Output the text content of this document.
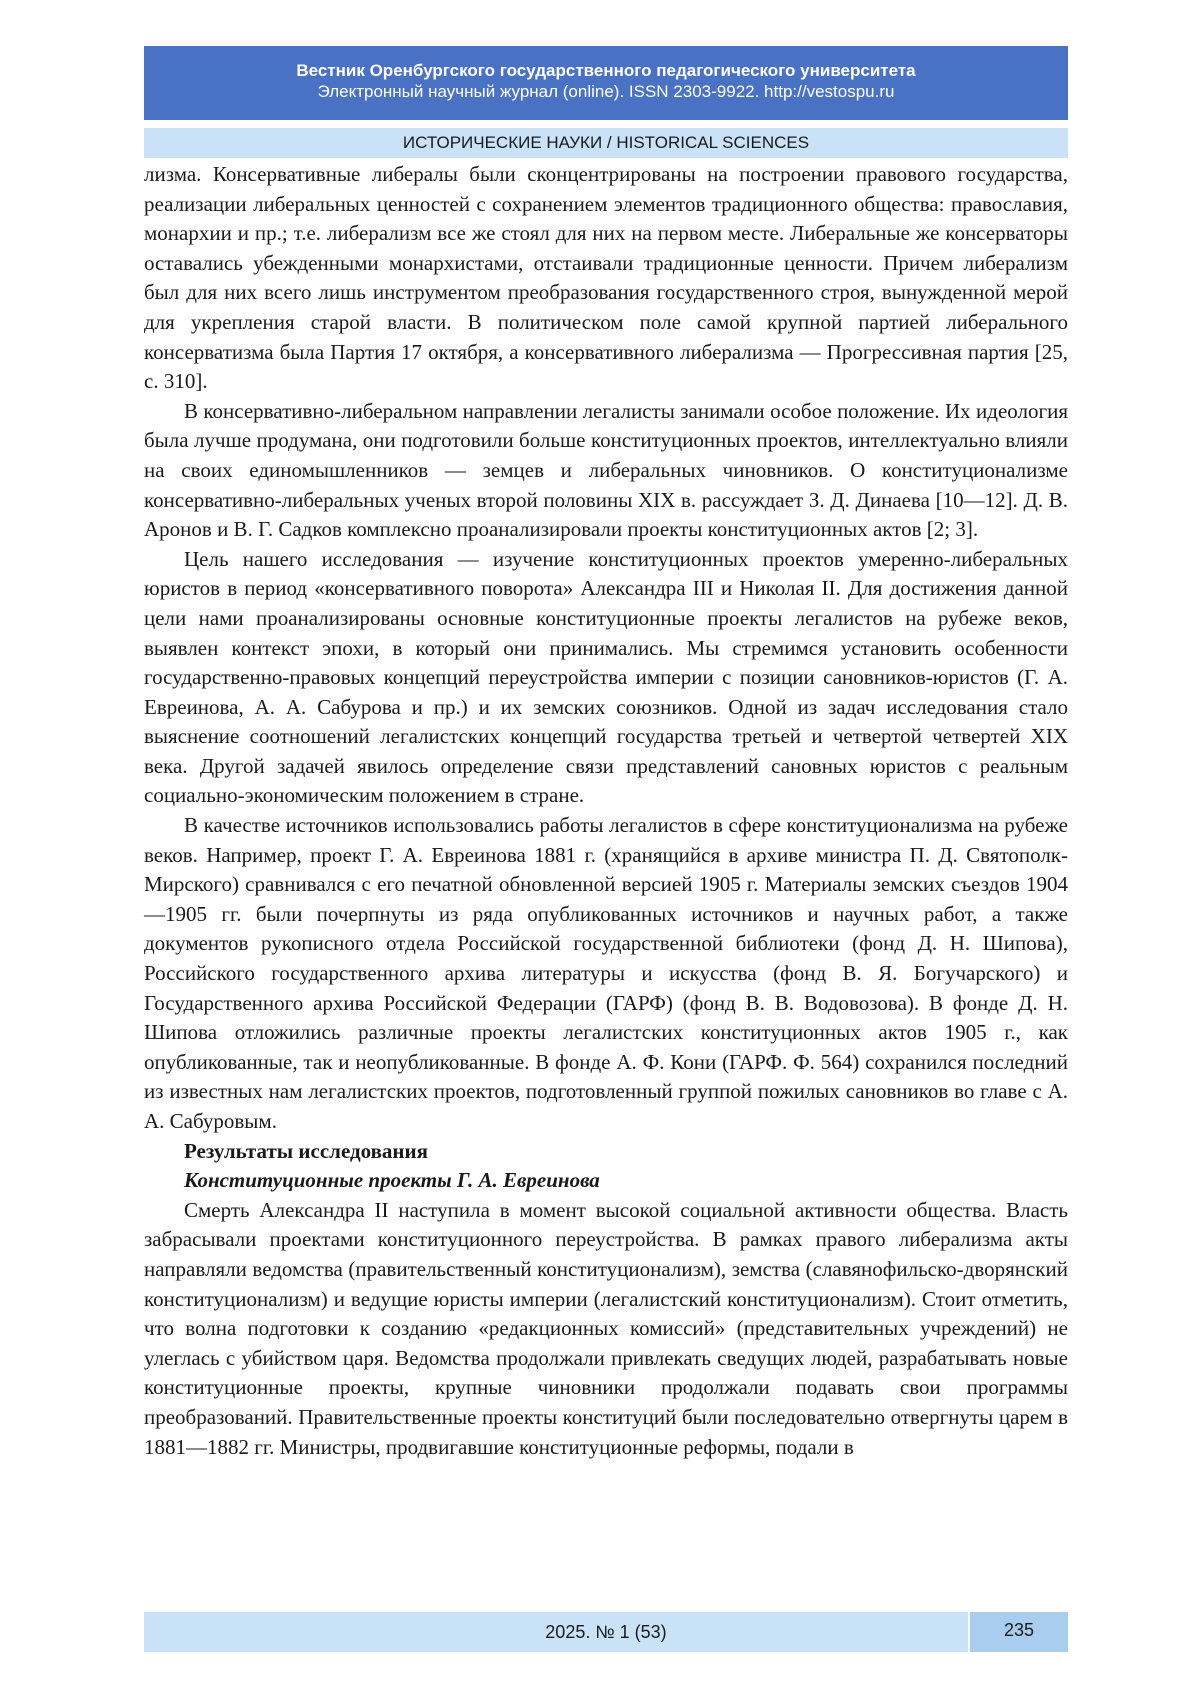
Вестник Оренбургского государственного педагогического университета
Электронный научный журнал (online). ISSN 2303-9922. http://vestospu.ru
ИСТОРИЧЕСКИЕ НАУКИ / HISTORICAL SCIENCES

лизма. Консервативные либералы были сконцентрированы на построении правового государства, реализации либеральных ценностей с сохранением элементов традиционного общества: православия, монархии и пр.; т.е. либерализм все же стоял для них на первом месте. Либеральные же консерваторы оставались убежденными монархистами, отстаивали традиционные ценности. Причем либерализм был для них всего лишь инструментом преобразования государственного строя, вынужденной мерой для укрепления старой власти. В политическом поле самой крупной партией либерального консерватизма была Партия 17 октября, а консервативного либерализма — Прогрессивная партия [25, с. 310].

В консервативно-либеральном направлении легалисты занимали особое положение. Их идеология была лучше продумана, они подготовили больше конституционных проектов, интеллектуально влияли на своих единомышленников — земцев и либеральных чиновников. О конституционализме консервативно-либеральных ученых второй половины XIX в. рассуждает З. Д. Динаева [10—12]. Д. В. Аронов и В. Г. Садков комплексно проанализировали проекты конституционных актов [2; 3].

Цель нашего исследования — изучение конституционных проектов умеренно-либеральных юристов в период «консервативного поворота» Александра III и Николая II. Для достижения данной цели нами проанализированы основные конституционные проекты легалистов на рубеже веков, выявлен контекст эпохи, в который они принимались. Мы стремимся установить особенности государственно-правовых концепций переустройства империи с позиции сановников-юристов (Г. А. Евреинова, А. А. Сабурова и пр.) и их земских союзников. Одной из задач исследования стало выяснение соотношений легалистских концепций государства третьей и четвертой четвертей XIX века. Другой задачей явилось определение связи представлений сановных юристов с реальным социально-экономическим положением в стране.

В качестве источников использовались работы легалистов в сфере конституционализма на рубеже веков. Например, проект Г. А. Евреинова 1881 г. (хранящийся в архиве министра П. Д. Святополк-Мирского) сравнивался с его печатной обновленной версией 1905 г. Материалы земских съездов 1904—1905 гг. были почерпнуты из ряда опубликованных источников и научных работ, а также документов рукописного отдела Российской государственной библиотеки (фонд Д. Н. Шипова), Российского государственного архива литературы и искусства (фонд В. Я. Богучарского) и Государственного архива Российской Федерации (ГАРФ) (фонд В. В. Водовозова). В фонде Д. Н. Шипова отложились различные проекты легалистских конституционных актов 1905 г., как опубликованные, так и неопубликованные. В фонде А. Ф. Кони (ГАРФ. Ф. 564) сохранился последний из известных нам легалистских проектов, подготовленный группой пожилых сановников во главе с А. А. Сабуровым.

Результаты исследования
Конституционные проекты Г. А. Евреинова

Смерть Александра II наступила в момент высокой социальной активности общества. Власть забрасывали проектами конституционного переустройства. В рамках правого либерализма акты направляли ведомства (правительственный конституционализм), земства (славянофильско-дворянский конституционализм) и ведущие юристы империи (легалистский конституционализм). Стоит отметить, что волна подготовки к созданию «редакционных комиссий» (представительных учреждений) не улеглась с убийством царя. Ведомства продолжали привлекать сведущих людей, разрабатывать новые конституционные проекты, крупные чиновники продолжали подавать свои программы преобразований. Правительственные проекты конституций были последовательно отвергнуты царем в 1881—1882 гг. Министры, продвигавшие конституционные реформы, подали в

2025. № 1 (53)	235
